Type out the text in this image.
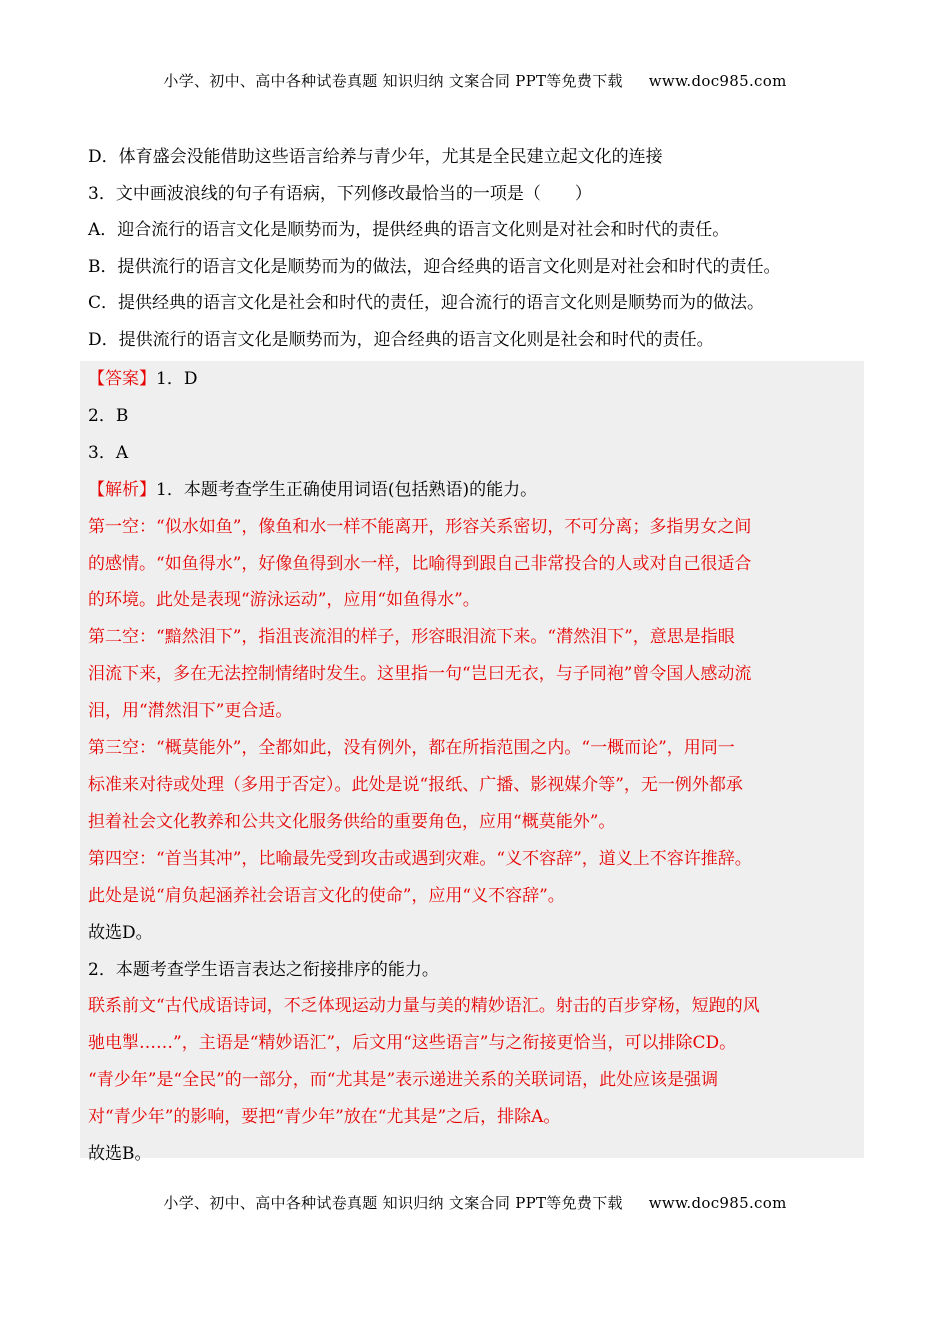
小学、初中、高中各种试卷真题 知识归纳 文案合同 PPT等免费下载 www.doc985.com

D．体育盛会没能借助这些语言给养与青少年，尤其是全民建立起文化的连接

3．文中画波浪线的句子有语病，下列修改最恰当的一项是（　　）

A．迎合流行的语言文化是顺势而为，提供经典的语言文化则是对社会和时代的责任。

B．提供流行的语言文化是顺势而为的做法，迎合经典的语言文化则是对社会和时代的责任。

C．提供经典的语言文化是社会和时代的责任，迎合流行的语言文化则是顺势而为的做法。

D．提供流行的语言文化是顺势而为，迎合经典的语言文化则是社会和时代的责任。

【答案】1．D

2．B

3．A

【解析】1．本题考查学生正确使用词语(包括熟语)的能力。

第一空：“似水如鱼”，像鱼和水一样不能离开，形容关系密切，不可分离；多指男女之间

的感情。“如鱼得水”，好像鱼得到水一样，比喻得到跟自己非常投合的人或对自己很适合

的环境。此处是表现“游泳运动”，应用“如鱼得水”。

第二空：“黯然泪下”，指沮丧流泪的样子，形容眼泪流下来。“潸然泪下”，意思是指眼

泪流下来，多在无法控制情绪时发生。这里指一句“岂曰无衣，与子同袍”曾令国人感动流

泪，用“潸然泪下”更合适。

第三空：“概莫能外”，全都如此，没有例外，都在所指范围之内。“一概而论”，用同一

标准来对待或处理（多用于否定）。此处是说“报纸、广播、影视媒介等”，无一例外都承

担着社会文化教养和公共文化服务供给的重要角色，应用“概莫能外”。

第四空：“首当其冲”，比喻最先受到攻击或遇到灾难。“义不容辞”，道义上不容许推辞。

此处是说“肩负起涵养社会语言文化的使命”，应用“义不容辞”。

故选D。

2．本题考查学生语言表达之衔接排序的能力。

联系前文“古代成语诗词，不乏体现运动力量与美的精妙语汇。射击的百步穿杨，短跑的风

驰电掣……”，主语是“精妙语汇”，后文用“这些语言”与之衔接更恰当，可以排除CD。

“青少年”是“全民”的一部分，而“尤其是”表示递进关系的关联词语，此处应该是强调

对“青少年”的影响，要把“青少年”放在“尤其是”之后，排除A。

故选B。

小学、初中、高中各种试卷真题 知识归纳 文案合同 PPT等免费下载 www.doc985.com
